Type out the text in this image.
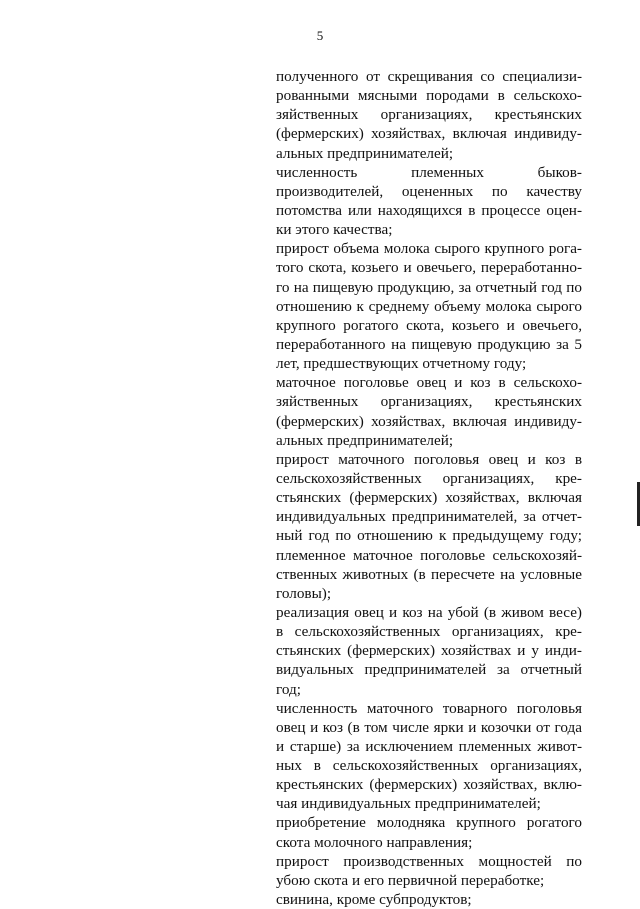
5
полученного от скрещивания со специализи-
рованными мясными породами в сельскохо-
зяйственных организациях, крестьянских
(фермерских) хозяйствах, включая индивиду-
альных предпринимателей;
численность племенных быков-
производителей, оцененных по качеству
потомства или находящихся в процессе оцен-
ки этого качества;
прирост объема молока сырого крупного рога-
того скота, козьего и овечьего, переработанно-
го на пищевую продукцию, за отчетный год по
отношению к среднему объему молока сырого
крупного рогатого скота, козьего и овечьего,
переработанного на пищевую продукцию за 5
лет, предшествующих отчетному году;
маточное поголовье овец и коз в сельскохо-
зяйственных организациях, крестьянских
(фермерских) хозяйствах, включая индивиду-
альных предпринимателей;
прирост маточного поголовья овец и коз в
сельскохозяйственных организациях, кре-
стьянских (фермерских) хозяйствах, включая
индивидуальных предпринимателей, за отчет-
ный год по отношению к предыдущему году;
племенное маточное поголовье сельскохозяй-
ственных животных (в пересчете на условные
головы);
реализация овец и коз на убой (в живом весе)
в сельскохозяйственных организациях, кре-
стьянских (фермерских) хозяйствах и у инди-
видуальных предпринимателей за отчетный
год;
численность маточного товарного поголовья
овец и коз (в том числе ярки и козочки от года
и старше) за исключением племенных живот-
ных в сельскохозяйственных организациях,
крестьянских (фермерских) хозяйствах, вклю-
чая индивидуальных предпринимателей;
приобретение молодняка крупного рогатого
скота молочного направления;
прирост производственных мощностей по
убою скота и его первичной переработке;
свинина, кроме субпродуктов;
